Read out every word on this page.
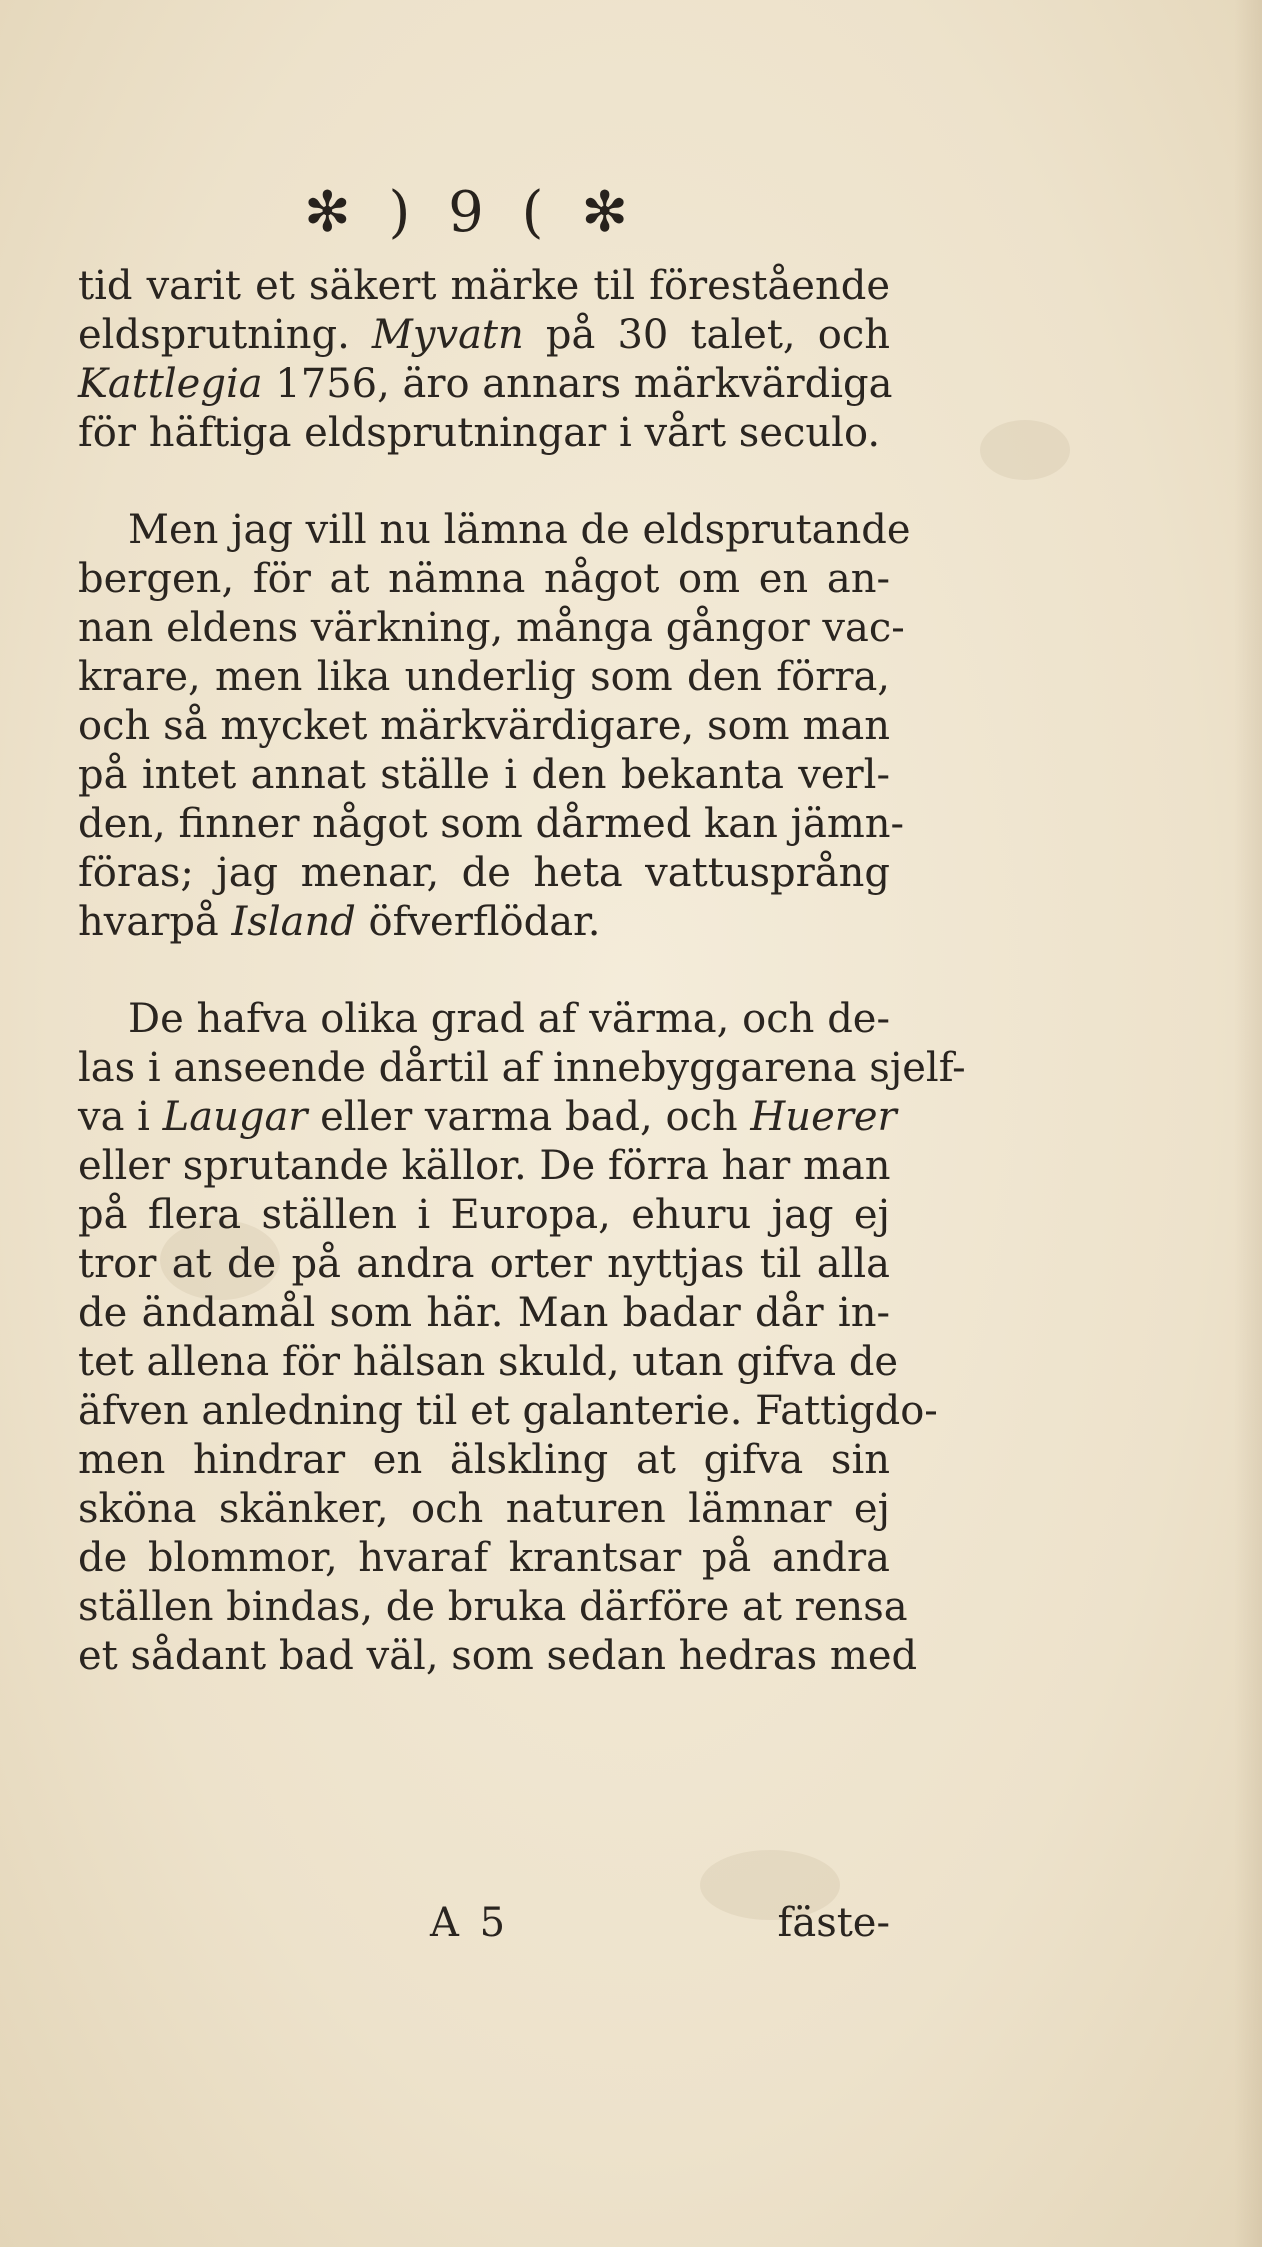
✻ ) 9 ( ✻
tid varit et säkert märke til förestående
eldsprutning. Myvatn på 30 talet, och
Kattlegia 1756, äro annars märkvärdiga
för häftiga eldsprutningar i vårt seculo.
Men jag vill nu lämna de eldsprutande
bergen, för at nämna något om en an-
nan eldens värkning, många gångor vac-
krare, men lika underlig som den förra,
och så mycket märkvärdigare, som man
på intet annat ställe i den bekanta verl-
den, finner något som dårmed kan jämn-
föras; jag menar, de heta vattusprång
hvarpå Island öfverflödar.
De hafva olika grad af värma, och de-
las i anseende dårtil af innebyggarena sjelf-
va i Laugar eller varma bad, och Huerer
eller sprutande källor. De förra har man
på flera ställen i Europa, ehuru jag ej
tror at de på andra orter nyttjas til alla
de ändamål som här. Man badar dår in-
tet allena för hälsan skuld, utan gifva de
äfven anledning til et galanterie. Fattigdo-
men hindrar en älskling at gifva sin
sköna skänker, och naturen lämnar ej
de blommor, hvaraf krantsar på andra
ställen bindas, de bruka därföre at rensa
et sådant bad väl, som sedan hedras med
A 5	fäste-
